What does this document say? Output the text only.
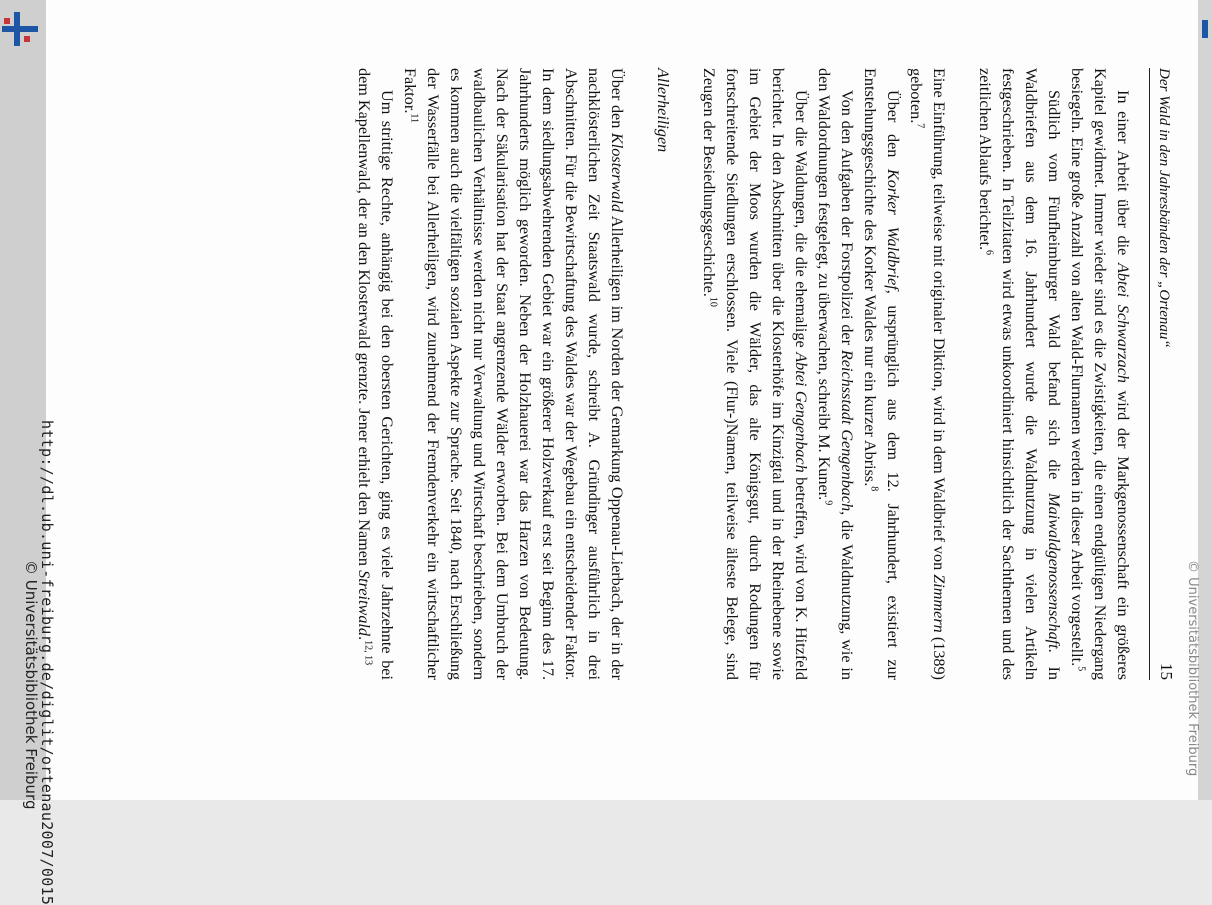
http://dl.ub.uni-freiburg.de/diglit/ortenau2007/0015
© Universitätsbibliothek Freiburg
Der Wald in den Jahresbänden der „Ortenau“
15

In einer Arbeit über die Abtei Schwarzach wird der Markgenossenschaft ein größeres Kapitel gewidmet. Immer wieder sind es die Zwistigkeiten, die einen endgültigen Niedergang besiegeln. Eine große Anzahl von alten Wald-Flurnamen werden in dieser Arbeit vorgestellt.$^5$

Südlich vom Fünfheimburger Wald befand sich die Maiwaldgenossenschaft. In Waldbriefen aus dem 16. Jahrhundert wurde die Waldnutzung in vielen Artikeln festgeschrieben. In Teilzitaten wird etwas unkoordiniert hinsichtlich der Sachthemen und des zeitlichen Ablaufs berichtet.$^6$

Eine Einführung, teilweise mit originaler Diktion, wird in dem Waldbrief von Zimmern (1389) geboten.$^7$

Über den Korker Waldbrief, ursprünglich aus dem 12. Jahrhundert, existiert zur Entstehungsgeschichte des Korker Waldes nur ein kurzer Abriss.$^8$

Von den Aufgaben der Forstpolizei der Reichsstadt Gengenbach, die Waldnutzung, wie in den Waldordnungen festgelegt, zu überwachen, schreibt M. Kuner.$^9$

Über die Waldungen, die die ehemalige Abtei Gengenbach betreffen, wird von K. Hitzfeld berichtet. In den Abschnitten über die Klosterhöfe im Kinzigtal und in der Rheinebene sowie im Gebiet der Moos wurden die Wälder, das alte Königsgut, durch Rodungen für fortschreitende Siedlungen erschlossen. Viele (Flur-)Namen, teilweise älteste Belege, sind Zeugen der Besiedlungsgeschichte.$^{10}$

Allerheiligen

Über den Klosterwald Allerheiligen im Norden der Gemarkung Oppenau-Lierbach, der in der nachklösterlichen Zeit Staatswald wurde, schreibt A. Gründinger ausführlich in drei Abschnitten. Für die Bewirtschaftung des Waldes war der Wegebau ein entscheidender Faktor. In dem siedlungsabwehrenden Gebiet war ein größerer Holzverkauf erst seit Beginn des 17. Jahrhunderts möglich geworden. Neben der Holzhauerei war das Harzen von Bedeutung. Nach der Säkularisation hat der Staat angrenzende Wälder erworben. Bei dem Umbruch der waldbaulichen Verhältnisse werden nicht nur Verwaltung und Wirtschaft beschrieben, sondern es kommen auch die vielfältigen sozialen Aspekte zur Sprache. Seit 1840, nach Erschließung der Wasserfälle bei Allerheiligen, wird zunehmend der Fremdenverkehr ein wirtschaftlicher Faktor.$^{11}$

Um strittige Rechte, anhängig bei den obersten Gerichten, ging es viele Jahrzehnte bei dem Kapellenwald, der an den Klosterwald grenzte. Jener erhielt den Namen Streitwald.$^{12, 13}$	© Universitätsbibliothek Freiburg
